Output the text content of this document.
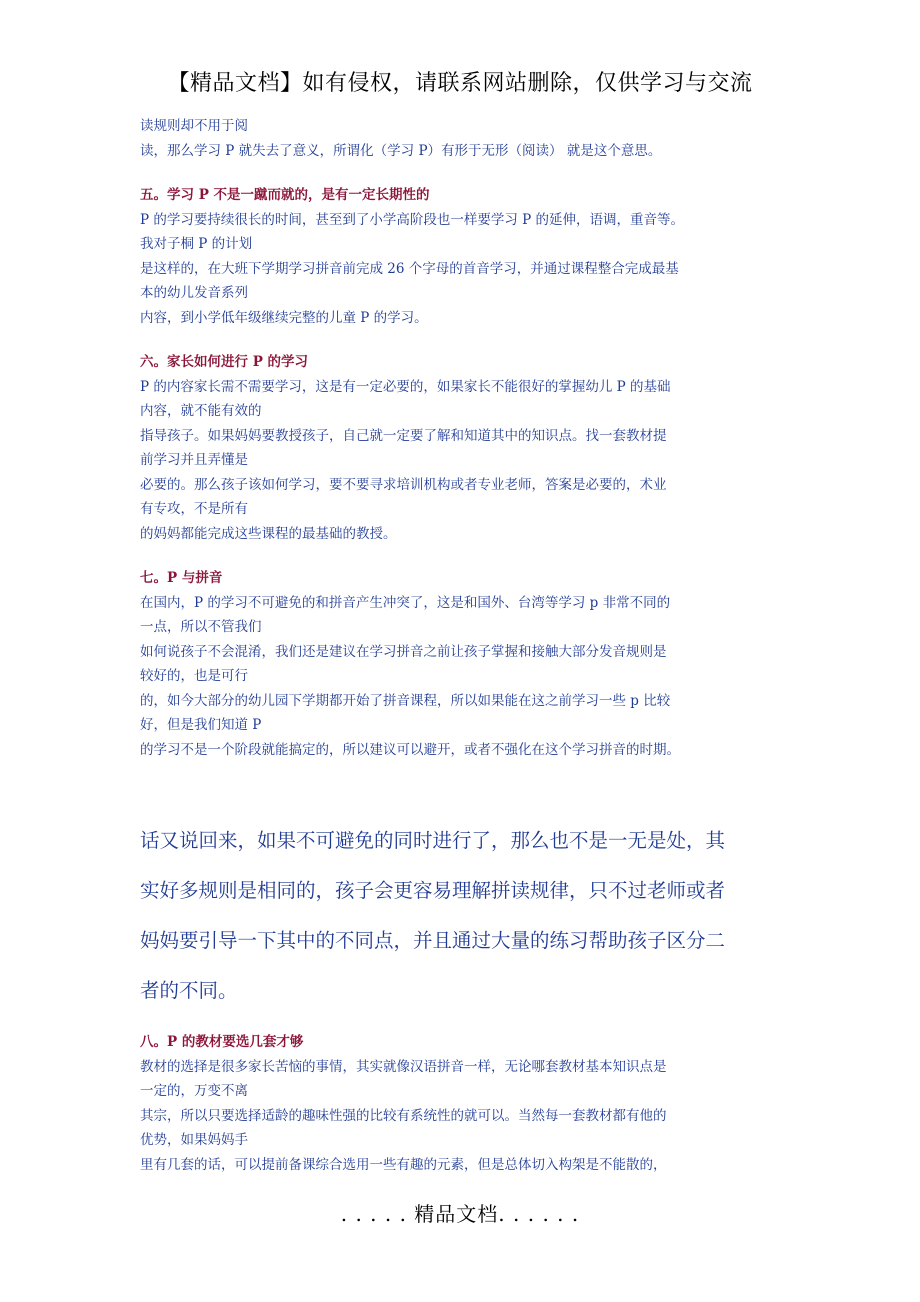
【精品文档】如有侵权，请联系网站删除，仅供学习与交流
读规则却不用于阅
读，那么学习 P 就失去了意义，所谓化（学习 P）有形于无形（阅读） 就是这个意思。
五。学习 P 不是一蹴而就的，是有一定长期性的
P 的学习要持续很长的时间，甚至到了小学高阶段也一样要学习 P 的延伸，语调，重音等。
我对子桐 P 的计划
是这样的，在大班下学期学习拼音前完成 26 个字母的首音学习，并通过课程整合完成最基
本的幼儿发音系列
内容，到小学低年级继续完整的儿童 P 的学习。
六。家长如何进行 P 的学习
P 的内容家长需不需要学习，这是有一定必要的，如果家长不能很好的掌握幼儿 P 的基础
内容，就不能有效的
指导孩子。如果妈妈要教授孩子，自己就一定要了解和知道其中的知识点。找一套教材提
前学习并且弄懂是
必要的。那么孩子该如何学习，要不要寻求培训机构或者专业老师，答案是必要的，术业
有专攻，不是所有
的妈妈都能完成这些课程的最基础的教授。
七。P 与拼音
在国内，P 的学习不可避免的和拼音产生冲突了，这是和国外、台湾等学习 p 非常不同的
一点，所以不管我们
如何说孩子不会混淆，我们还是建议在学习拼音之前让孩子掌握和接触大部分发音规则是
较好的，也是可行
的，如今大部分的幼儿园下学期都开始了拼音课程，所以如果能在这之前学习一些 p 比较
好，但是我们知道 P
的学习不是一个阶段就能搞定的，所以建议可以避开，或者不强化在这个学习拼音的时期。
话又说回来，如果不可避免的同时进行了，那么也不是一无是处，其
实好多规则是相同的，孩子会更容易理解拼读规律，只不过老师或者
妈妈要引导一下其中的不同点，并且通过大量的练习帮助孩子区分二
者的不同。
八。P 的教材要选几套才够
教材的选择是很多家长苦恼的事情，其实就像汉语拼音一样，无论哪套教材基本知识点是
一定的，万变不离
其宗，所以只要选择适龄的趣味性强的比较有系统性的就可以。当然每一套教材都有他的
优势，如果妈妈手
里有几套的话，可以提前备课综合选用一些有趣的元素，但是总体切入构架是不能散的，
. . . . . 精品文档. . . . . .
